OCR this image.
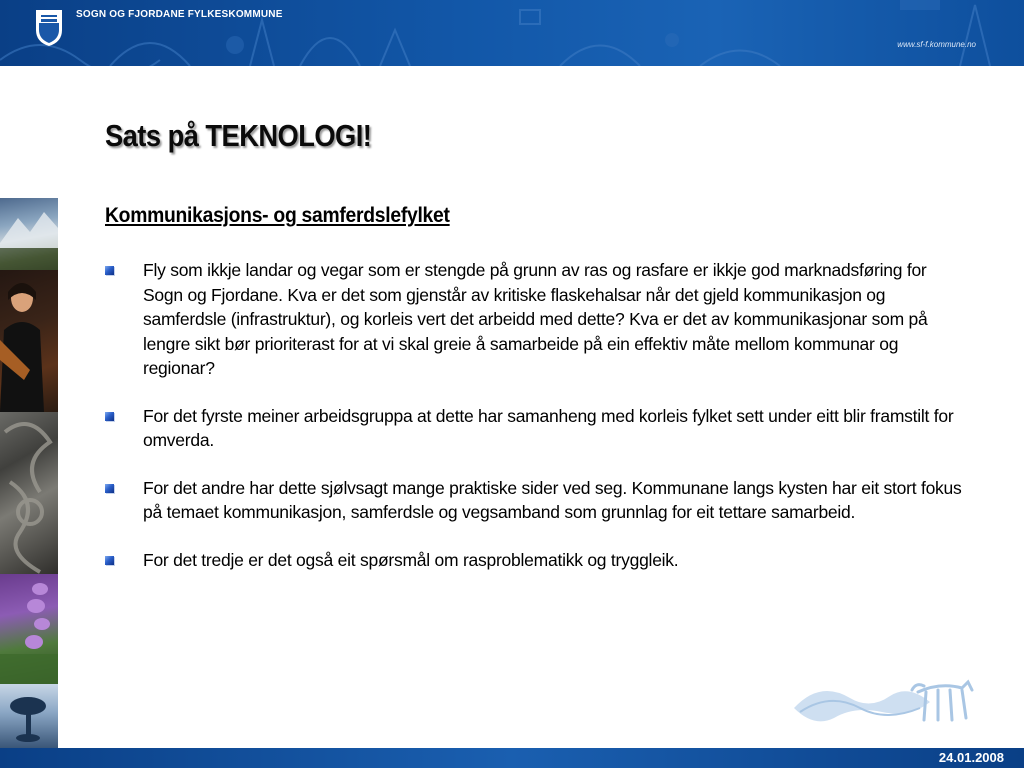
SOGN OG FJORDANE FYLKESKOMMUNE
www.sf-f.kommune.no
Sats på TEKNOLOGI!
Kommunikasjons- og samferdslefylket
Fly som ikkje landar og vegar som er stengde på grunn av ras og rasfare er ikkje god marknadsføring for Sogn og Fjordane. Kva er det som gjenstår av kritiske flaskehalsar når det gjeld kommunikasjon og samferdsle (infrastruktur), og korleis vert det arbeidd med dette? Kva er det av kommunikasjonar som på lengre sikt bør prioriterast for at vi skal greie å samarbeide på ein effektiv måte mellom kommunar og regionar?
For det fyrste meiner arbeidsgruppa at dette har samanheng med korleis fylket sett under eitt blir framstilt for omverda.
For det andre har dette sjølvsagt mange praktiske sider ved seg. Kommunane langs kysten har eit stort fokus på temaet kommunikasjon, samferdsle og vegsamband som grunnlag for eit tettare samarbeid.
For det tredje er det også eit spørsmål om rasproblematikk og tryggleik.
24.01.2008
